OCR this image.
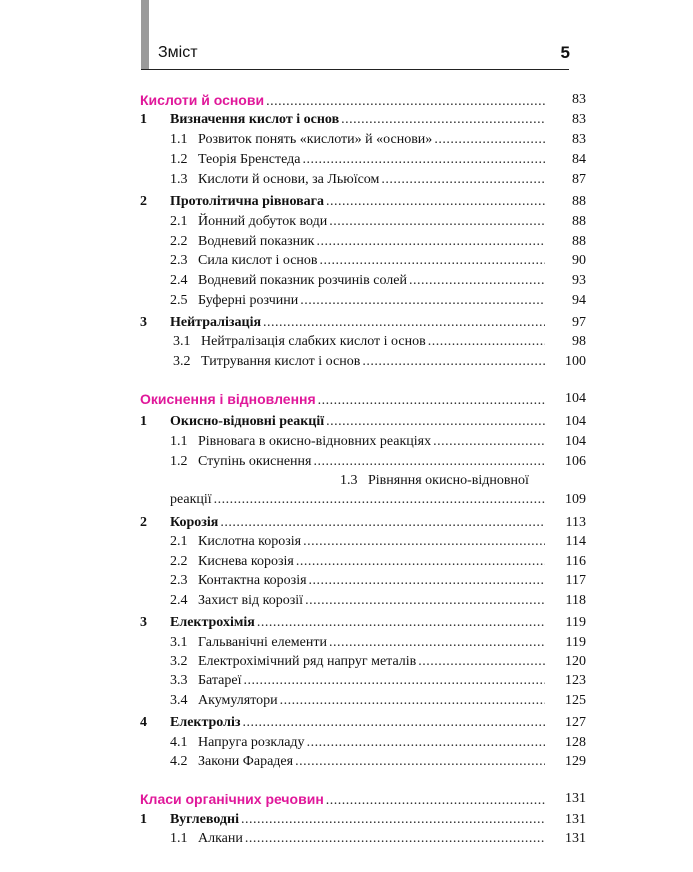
Зміст	5
Кислоти й основи .....	83
1 Визначення кислот і основ .....	83
1.1 Розвиток понять «кислоти» й «основи» .....	83
1.2 Теорія Бренстеда .....	84
1.3 Кислоти й основи, за Льюїсом .....	87
2 Протолітична рівновага .....	88
2.1 Йонний добуток води .....	88
2.2 Водневий показник .....	88
2.3 Сила кислот і основ .....	90
2.4 Водневий показник розчинів солей .....	93
2.5 Буферні розчини .....	94
3 Нейтралізація .....	97
3.1 Нейтралізація слабких кислот і основ .....	98
3.2 Титрування кислот і основ .....	100
Окиснення і відновлення .....	104
1 Окисно-відновні реакції .....	104
1.1 Рівновага в окисно-відновних реакціях .....	104
1.2 Ступінь окиснення .....	106
1.3 Рівняння окисно-відновної
реакції .....	109
2 Корозія .....	113
2.1 Кислотна корозія .....	114
2.2 Киснева корозія .....	116
2.3 Контактна корозія .....	117
2.4 Захист від корозії .....	118
3 Електрохімія .....	119
3.1 Гальванічні елементи .....	119
3.2 Електрохімічний ряд напруг металів .....	120
3.3 Батареї .....	123
3.4 Акумулятори .....	125
4 Електроліз .....	127
4.1 Напруга розкладу .....	128
4.2 Закони Фарадея .....	129
Класи органічних речовин .....	131
1 Вуглеводні .....	131
1.1 Алкани .....	131
